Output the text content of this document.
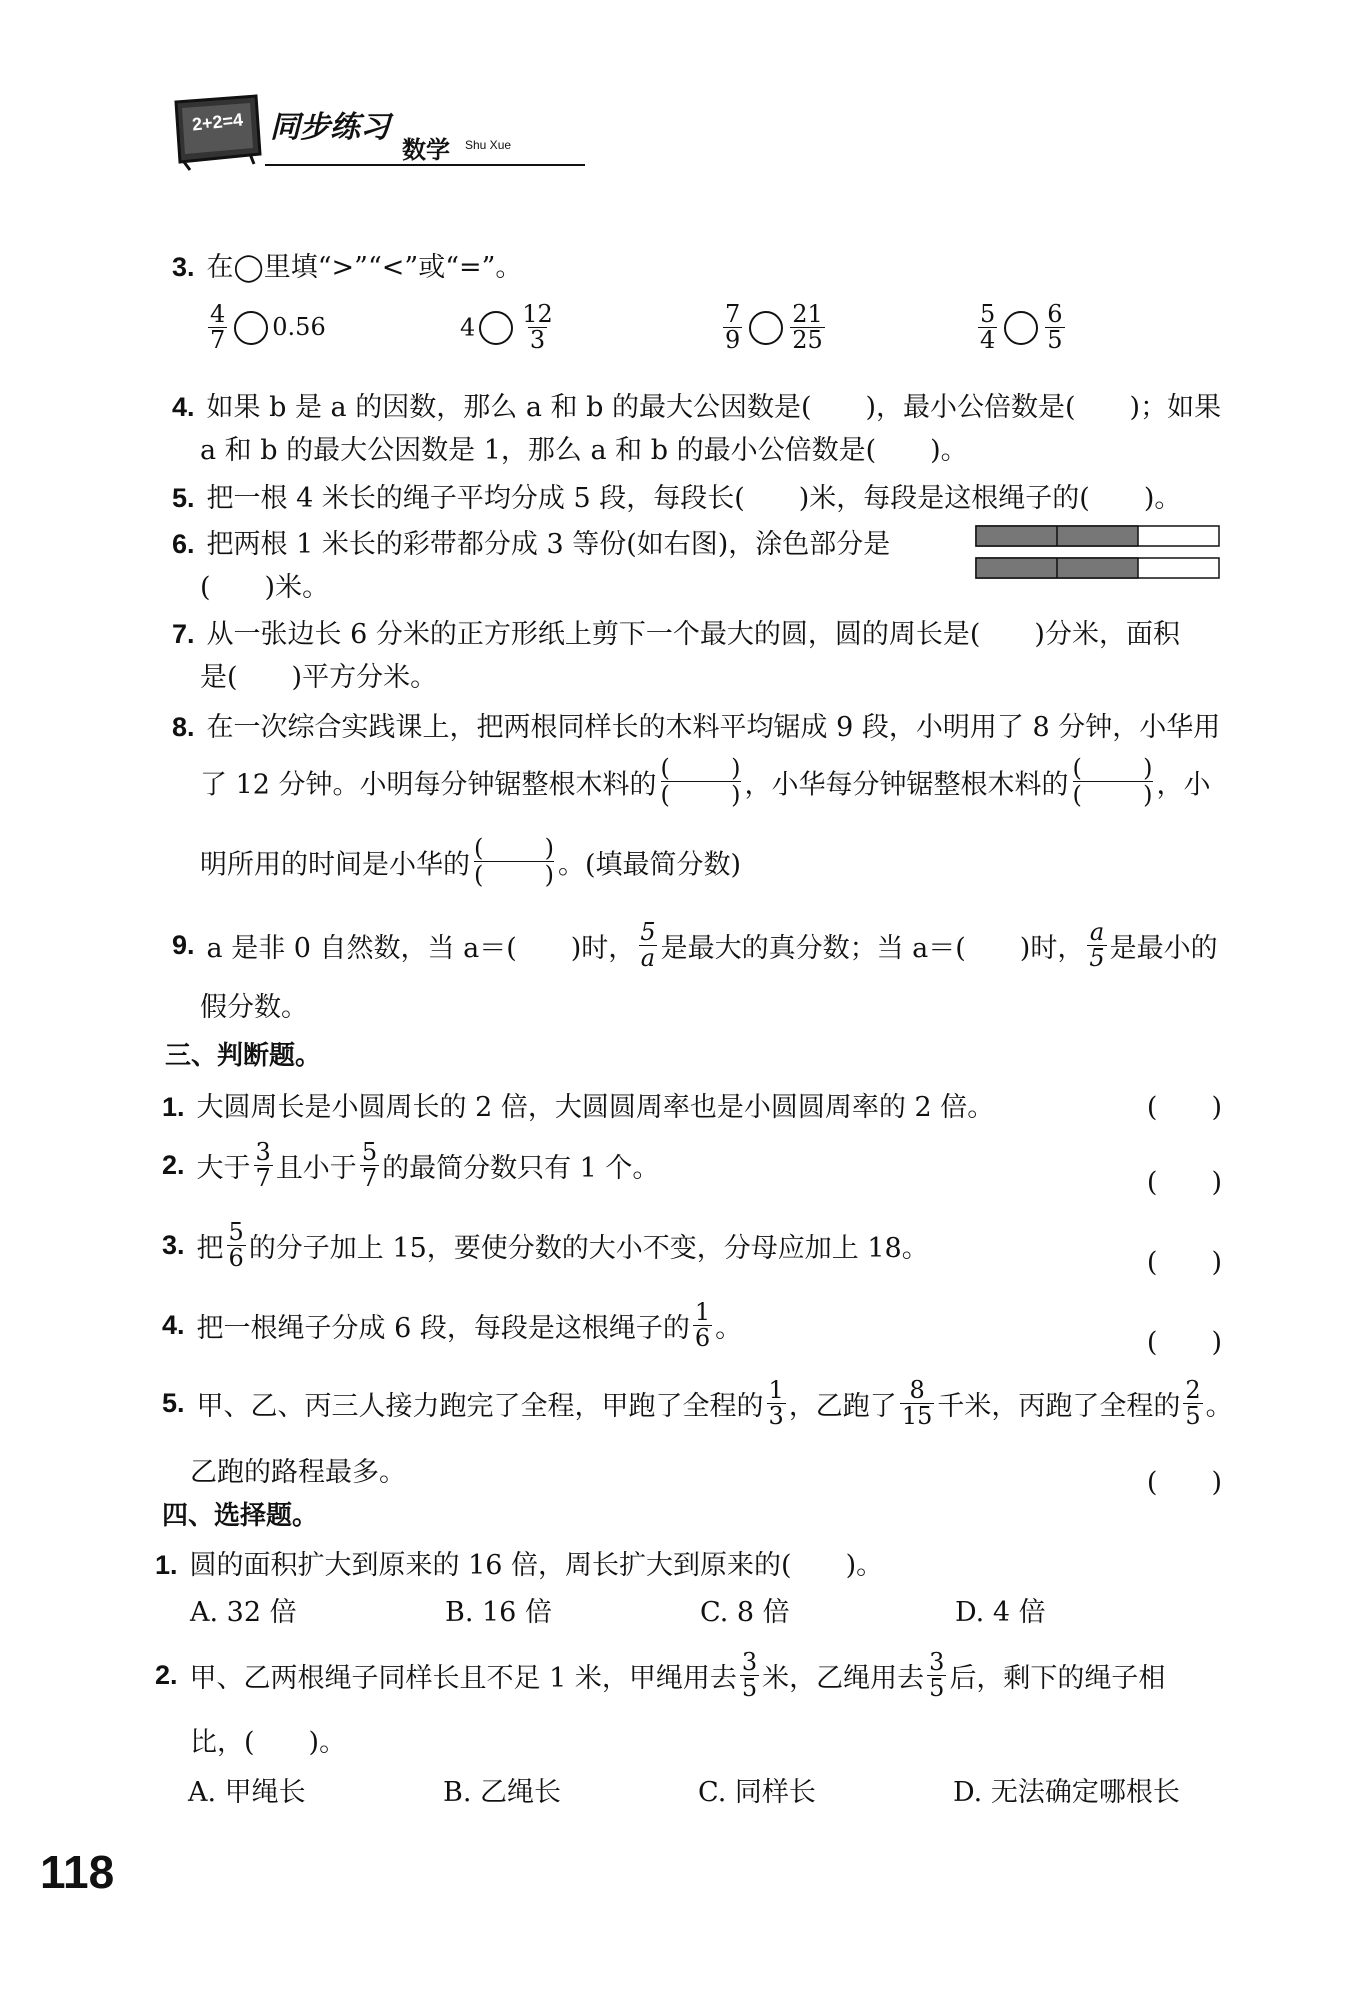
2+2=4 同步练习
数学 Shu Xue
3. 在◯里填“>”“<”或“=”。
$\frac{4}{7} 0.56$	$4 \frac{12}{3}$	$\frac{7}{9} \frac{21}{25}$	$\frac{5}{4} \frac{6}{5}$
4. 如果 b 是 a 的因数，那么 a 和 b 的最大公因数是(　　)，最小公倍数是(　　)；如果
a 和 b 的最大公因数是 1，那么 a 和 b 的最小公倍数是(　　)。
5. 把一根 4 米长的绳子平均分成 5 段，每段长(　　)米，每段是这根绳子的(　　)。
6. 把两根 1 米长的彩带都分成 3 等份(如右图)，涂色部分是
(　　)米。
7. 从一张边长 6 分米的正方形纸上剪下一个最大的圆，圆的周长是(　　)分米，面积
是(　　)平方分米。
8. 在一次综合实践课上，把两根同样长的木料平均锯成 9 段，小明用了 8 分钟，小华用
了 12 分钟。小明每分钟锯整根木料的 (	)
(	) ，小华每分钟锯整根木料的 (	)
(	) ，小
明所用的时间是小华的 (	)
(	) 。(填最简分数)
9. a 是非 0 自然数，当 a＝(　　)时， $\frac{5}{a}$ 是最大的真分数；当 a＝(　　)时， $\frac{a}{5}$ 是最小的
假分数。
三、判断题。
1. 大圆周长是小圆周长的 2 倍，大圆圆周率也是小圆圆周率的 2 倍。	(　　)
2. 大于 $\frac{3}{7}$ 且小于 $\frac{5}{7}$ 的最简分数只有 1 个。	(　　)
3. 把 $\frac{5}{6}$ 的分子加上 15，要使分数的大小不变，分母应加上 18。	(　　)
4. 把一根绳子分成 6 段，每段是这根绳子的 $\frac{1}{6}$ 。	(　　)
5. 甲、乙、丙三人接力跑完了全程，甲跑了全程的 $\frac{1}{3}$ ，乙跑了 $\frac{8}{15}$ 千米，丙跑了全程的 $\frac{2}{5}$ 。
乙跑的路程最多。	(　　)
四、选择题。
1. 圆的面积扩大到原来的 16 倍，周长扩大到原来的(　　)。
A. 32 倍	B. 16 倍	C. 8 倍	D. 4 倍
2. 甲、乙两根绳子同样长且不足 1 米，甲绳用去 $\frac{3}{5}$ 米，乙绳用去 $\frac{3}{5}$ 后，剩下的绳子相
比，(　　)。
A. 甲绳长	B. 乙绳长	C. 同样长	D. 无法确定哪根长
118
